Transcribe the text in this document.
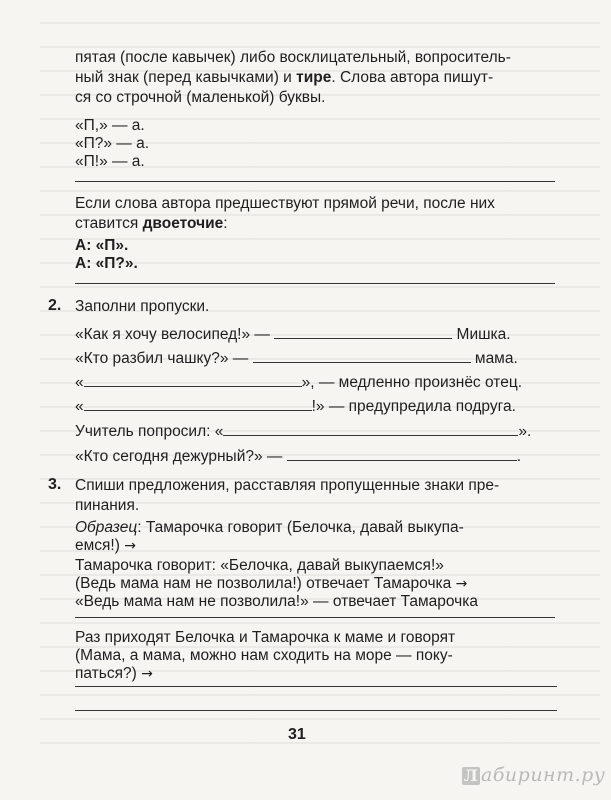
пятая (после кавычек) либо восклицательный, вопроситель-
ный знак (перед кавычками) и тире. Слова автора пишут-
ся со строчной (маленькой) буквы.
«П,» — а.
«П?» — а.
«П!» — а.
Если слова автора предшествуют прямой речи, после них
ставится двоеточие:
А: «П».
А: «П?».
2. Заполни пропуски.
«Как я хочу велосипед!» —	Мишка.
«Кто разбил чашку?» —	мама.
«	», — медленно произнёс отец.
«	!» — предупредила подруга.
Учитель попросил: «	».
«Кто сегодня дежурный?» —	.
3. Спиши предложения, расставляя пропущенные знаки пре-
пинания.
Образец: Тамарочка говорит (Белочка, давай выкупа-
емся!) →
Тамарочка говорит: «Белочка, давай выкупаемся!»
(Ведь мама нам не позволила!) отвечает Тамарочка →
«Ведь мама нам не позволила!» — отвечает Тамарочка
Раз приходят Белочка и Тамарочка к маме и говорят
(Мама, а мама, можно нам сходить на море — поку-
паться?) →
31
Л абиринт.ру
